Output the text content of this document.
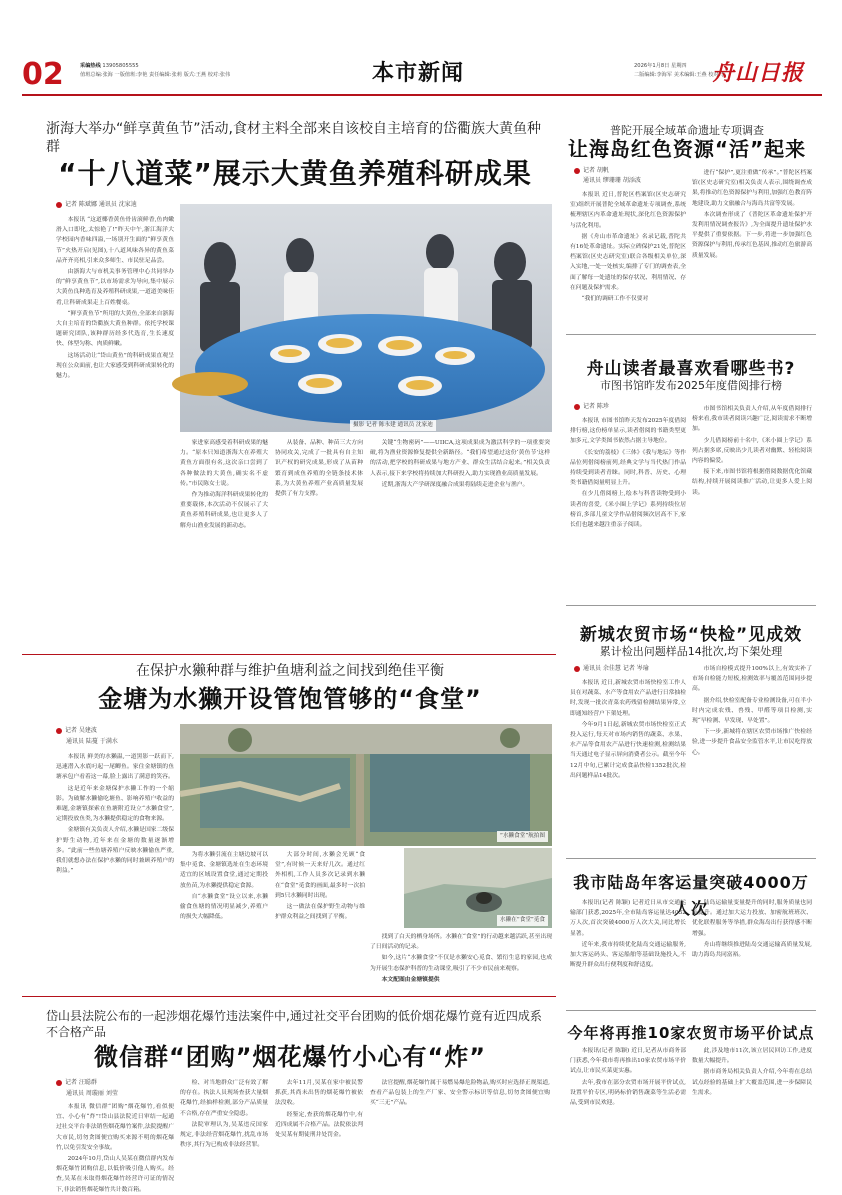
02	采编热线 13905805555
值班总编:张海 一版值班:李艳 责任编辑:张莉 版式:王燕 校对:张伟	本市新闻	2026年1月8日 星期四
二版编辑:李海军 美术编辑:王燕 校对:李
舟山日报
浙海大举办“鲜享黄鱼节”活动,食材主料全部来自该校自主培育的岱衢族大黄鱼种群
“十八道菜”展示大黄鱼养殖科研成果
记者 陈斌娜 通讯员 沈家迪

本报讯 “这道椰香黄鱼骨齿滚鲜香,鱼肉嫩滑入口即化,太惊艳了!”昨天中午,浙江海洋大学校园内香味四溢,一场别开生面的“鲜享黄鱼节”火热开启(见图),十八道风味各异的黄鱼菜品齐齐亮相,引来众多师生、市民驻足品尝。

由浙海大与市机关事务管理中心共同举办的“鲜享黄鱼节”,以市场需求为导向,集中展示大黄鱼良种选育及养殖科研成果,一道道美味佳肴,让科研成果走上百姓餐桌。

“鲜享黄鱼节”所用的大黄鱼,全部来自浙海大自主培育的岱衢族大黄鱼种群。依托学校课题研究团队,该种群历经多代选育,生长速度快、体型匀称、肉质鲜嫩。

这场活动让“岱山黄鱼”的科研成果直观呈现在公众面前,也让大家感受到科研成果转化的魅力。

摄影 记者 陈永建 通讯员 沈家迪

家进家高感受着科研成果的魅力。“原本只知道浙海大在养殖大黄鱼方面很有名,这次亲口尝到了各种做法的大黄鱼,确实名不虚传。”市民陈女士说。

作为推动海洋科研成果转化的重要载体,本次活动不仅展示了大黄鱼养殖科研成果,也让更多人了解舟山渔业发展的新动态。

从装备、品种、种苗三大方向协同攻关,完成了一批具有自主知识产权的研究成果,形成了从苗种繁育到成鱼养殖的全链条技术体系,为大黄鱼养殖产业高质量发展提供了有力支撑。

关键“生物密码”——UIICA,这项成果成为激活科学的一项重要突破,将为渔业资源修复提供全新路径。“我们希望通过这份‘黄鱼节’这样的活动,把学校的科研成果与地方产业、群众生活结合起来。”相关负责人表示,接下来学校将持续加大科研投入,助力实现渔业高质量发展。

近期,浙海大产学研深度融合成果将陆续走进企业与渔户。

普陀开展全域革命遗址专项调查
让海岛红色资源“活”起来
记者 胡帆
通讯员 缪珊珊 胡添波

本报讯 近日,普陀区档案馆(区史志研究室)组织开展普陀全域革命遗址专项调查,系统梳理辖区内革命遗址现状,深化红色资源保护与活化利用。

据《舟山市革命遗址》名录记载,普陀共有16处革命遗址。实际立碑保护21处,普陀区档案馆(区史志研究室)联合各级相关单位,深入实地,一处一处核实,编排了专门的调查表,全面了解每一处遗址的保存状况、利用情况、存在问题及保护需求。

“我们的调研工作不仅要对

进行“保护”,更注重做“传承”。”普陀区档案馆(区史志研究室)相关负责人表示,围绕调查成果,将推动红色资源保护与利用,加强红色教育阵地建设,助力文旅融合与海岛共富等发展。

本次调查形成了《普陀区革命遗址保护开发利用情况调查报告》,为全面提升遗址保护水平提供了重要依据。下一步,将进一步加强红色资源保护与利用,传承红色基因,推动红色旅游高质量发展。

舟山读者最喜欢看哪些书?
市图书馆昨发布2025年度借阅排行榜
记者 陈珍

本报讯 市图书馆昨天发布2025年度借阅排行榜,这份榜单显示,读者借阅的书籍类型更加多元,文学类图书依然占据主导地位。

《长安的荔枝》《三体》《我与地坛》等作品位列借阅榜前列,经典文学与当代热门作品持续受到读者青睐。同时,科普、历史、心理类书籍借阅量明显上升。

在少儿借阅榜上,绘本与科普读物受到小读者的喜爱,《米小圈上学记》系列持续位居榜首,多部儿童文学作品借阅频次居高不下,家长们也越来越注重亲子阅读。

市图书馆相关负责人介绍,从年度借阅排行榜来看,我市读者阅读兴趣广泛,阅读需求不断增加。

少儿借阅榜前十名中,《米小圈上学记》系列占据多席,反映出少儿读者对幽默、轻松阅读内容的偏爱。

接下来,市图书馆将根据借阅数据优化馆藏结构,持续开展阅读推广活动,让更多人爱上阅读。

在保护水獭种群与维护鱼塘利益之间找到绝佳平衡
金塘为水獭开设管饱管够的“食堂”
记者 吴建波
通讯员 陆蔓 于满水

本报讯 鲜美的水獭温,一道黑影一跃而下,迅速潜入水底叼起一尾鲫鱼。家住金塘镇的鱼塘承包户看着这一幕,脸上露出了满意的笑容。

这是近年来金塘保护水獭工作的一个缩影。为破解水獭偷吃塘鱼、影响养殖户收益的难题,金塘镇探索在鱼塘附近设立“水獭食堂”,定期投放鱼类,为水獭提供稳定的食物来源。

金塘镇有关负责人介绍,水獭是国家二级保护野生动物,近年来在金塘的数量逐渐增多。“此前一些鱼塘养殖户反映水獭偷鱼严重,我们就想办法在保护水獭的同时兼顾养殖户的利益。”

“水獭食堂”航拍图

为将水獭引流在主塘边坡可以集中觅食、金塘镇选址在生态环境适宜的区域设置食堂,通过定期投放鱼苗,为水獭提供稳定食源。

自“水獭食堂”设立以来,水獭偷食鱼塘的情况明显减少,养殖户的损失大幅降低。

大部分时间,水獭会光顾“食堂”,有时候一天来好几次。通过红外相机,工作人员多次记录到水獭在“食堂”觅食的画面,最多时一次拍到5只水獭同时出现。

这一做法在保护野生动物与维护群众利益之间找到了平衡。	水獭在“食堂”觅食

找到了白天的栖身场所。水獭在“食堂”的行动越来越活跃,甚至出现了日间活动的记录。

如今,这片“水獭食堂”不仅是水獭安心觅食、繁衍生息的家园,也成为开展生态保护科普的生动课堂,吸引了不少市民前来观察。

本文配图由金塘镇提供

新城农贸市场“快检”见成效
累计检出问题样品14批次,均下架处理
通讯员 余佳慧 记者 岑瑜

本报讯 近日,新城农贸市场快检室工作人员在对蔬菜、水产等食用农产品进行日常抽检时,发现一批次青菜农药残留检测结果异常,立即通知经营户下架处理。

今年9月1日起,新城农贸市场快检室正式投入运行,每天对市场内销售的蔬菜、水果、水产品等食用农产品进行快速检测,检测结果当天通过电子显示屏向消费者公示。截至今年12月中旬,已累计完成食品快检1352批次,检出问题样品14批次。

市场自检模式提升100%以上,有效实补了市场自检能力短板,检测效率与覆盖范围同步提高。

据介绍,快检室配备专业检测设备,可在半小时内完成农残、兽残、甲醛等项目检测,实现“早检测、早发现、早处置”。

下一步,新城将在辖区农贸市场推广快检经验,进一步提升食品安全监管水平,让市民吃得放心。

我市陆岛年客运量突破4000万人次

本报讯(记者 陈颖) 记者近日从市交通运输部门获悉,2025年,全市陆岛客运量达4032万人次,首次突破4000万人次大关,同比增长显著。

近年来,我市持续优化陆岛交通运输服务,加大客运码头、客运船舶等基础设施投入,不断提升群众出行便利度和舒适度。

陆岛运输量变量提升的同时,服务质量也同步提升。通过加大运力投放、加密航班班次、优化联程服务等举措,群众海岛出行获得感不断增强。

舟山将继续推进陆岛交通运输高质量发展,助力海岛共同富裕。

岱山县法院公布的一起涉烟花爆竹违法案件中,通过社交平台团购的低价烟花爆竹竟有近四成系不合格产品
微信群“团购”烟花爆竹小心有“炸”
记者 汪聪群
通讯员 周璇丽 刘莹

本报讯 微信群“团购”烟花爆竹,看似便宜、小心有“炸”!岱山县法院近日审结一起通过社交平台非法销售烟花爆竹案件,法院提醒广大市民,切勿贪图便宜购买来源不明的烟花爆竹,以免引发安全事故。

2024年10月,岱山人吴某在微信群内发布烟花爆竹团购信息,以低价吸引他人购买。经查,吴某在未取得烟花爆竹经营许可证的情况下,非法销售烟花爆竹共计数百箱。

检、对当地群众广泛有效了解的存在。执法人员现场查获大量烟花爆竹,经抽样检测,部分产品质量不合格,存在严重安全隐患。

法院审理认为,吴某违反国家规定,非法经营烟花爆竹,扰乱市场秩序,其行为已构成非法经营罪。

去年11月,吴某在家中被民警抓获,其尚未出售的烟花爆竹被依法没收。

经鉴定,查获的烟花爆竹中,有近四成属不合格产品。法院依法判处吴某有期徒刑并处罚金。

法官提醒,烟花爆竹属于易燃易爆危险物品,购买时应选择正规渠道,查看产品包装上的生产厂家、安全警示标识等信息,切勿贪图便宜购买“三无”产品。

今年将再推10家农贸市场平价试点

本报讯(记者 陈颖) 近日,记者从市商务部门获悉,今年我市将再推出10家农贸市场平价试点,让市民买菜更实惠。

去年,我市在部分农贸市场开展平价试点,设置平价专区,明码标价销售蔬菜等生活必需品,受到市民欢迎。

此,涉及地市11次,该立居民回访工作,进度数量大幅提升。

据市商务局相关负责人介绍,今年将在总结试点经验的基础上扩大覆盖范围,进一步保障民生需求。
